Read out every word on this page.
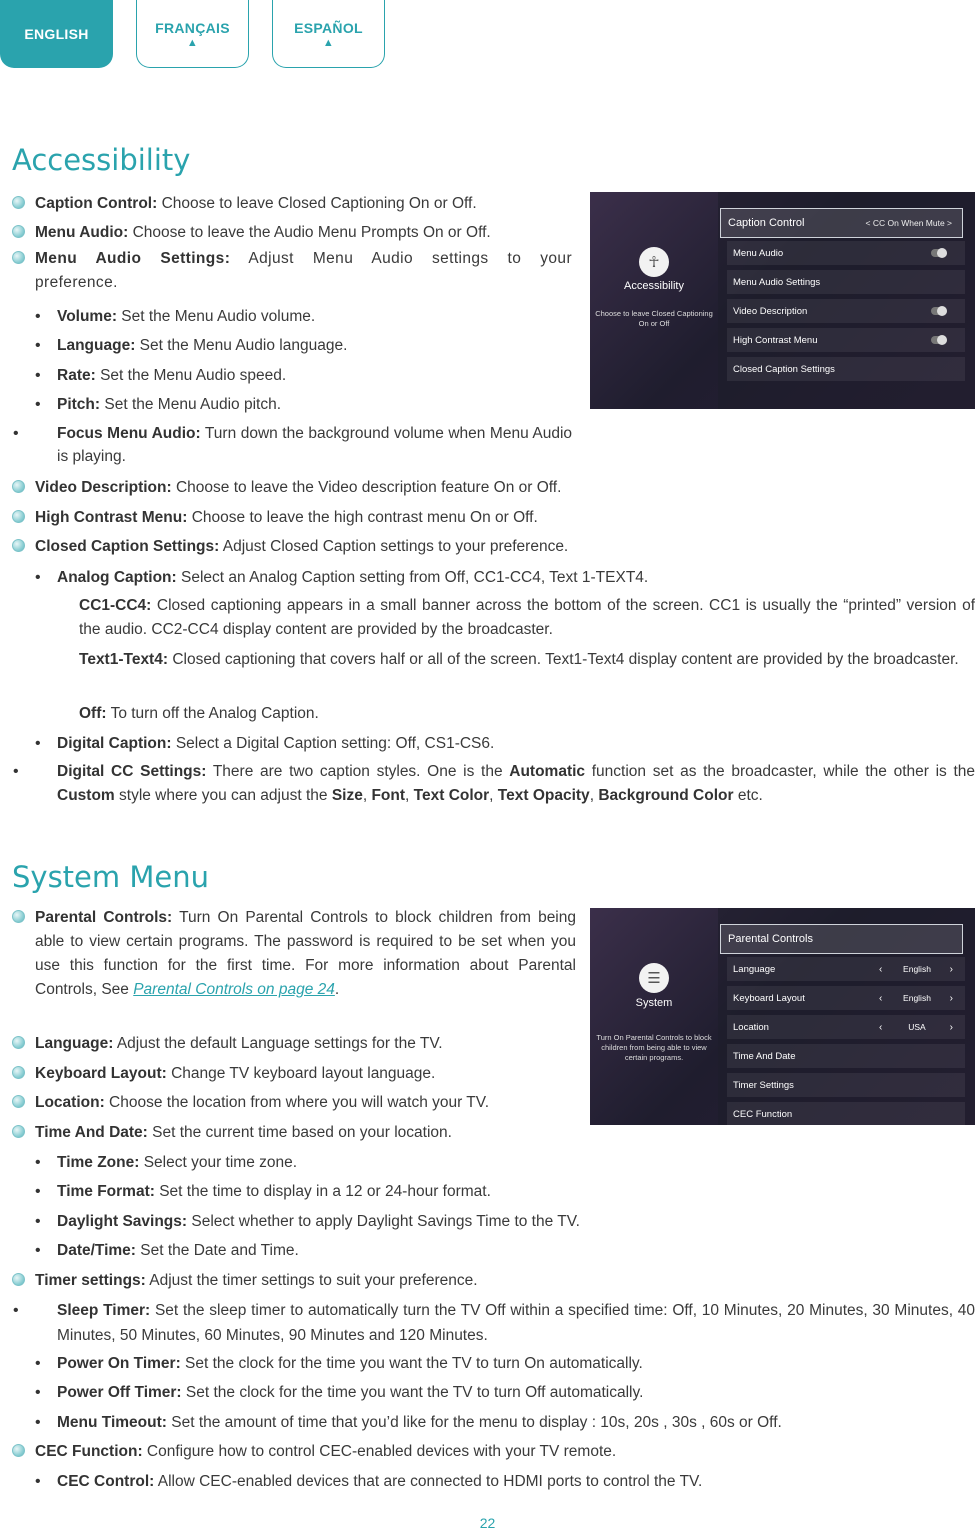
ENGLISH	FRANÇAIS
▲
ESPAÑOL
▲
Accessibility
Caption Control: Choose to leave Closed Captioning On or Off.
Menu Audio: Choose to leave the Audio Menu Prompts On or Off.
Menu Audio Settings: Adjust Menu Audio settings to your preference.
• Volume: Set the Menu Audio volume.
• Language: Set the Menu Audio language.
• Rate: Set the Menu Audio speed.
• Pitch: Set the Menu Audio pitch.
• Focus Menu Audio: Turn down the background volume when Menu Audio is playing.
Video Description: Choose to leave the Video description feature On or Off.
High Contrast Menu: Choose to leave the high contrast menu On or Off.
Closed Caption Settings: Adjust Closed Caption settings to your preference.
• Analog Caption: Select an Analog Caption setting from Off, CC1-CC4, Text 1-TEXT4.
CC1-CC4: Closed captioning appears in a small banner across the bottom of the screen. CC1 is usually the “printed” version of the audio. CC2-CC4 display content are provided by the broadcaster.
Text1-Text4: Closed captioning that covers half or all of the screen. Text1-Text4 display content are provided by the broadcaster.
Off: To turn off the Analog Caption.
• Digital Caption: Select a Digital Caption setting: Off, CS1-CS6.
• Digital CC Settings: There are two caption styles. One is the Automatic function set as the broadcaster, while the other is the Custom style where you can adjust the Size, Font, Text Color, Text Opacity, Background Color etc.
☥
Accessibility
Choose to leave Closed Captioning On or Off
Caption Control	< CC On When Mute >
Menu Audio
Menu Audio Settings
Video Description
High Contrast Menu
Closed Caption Settings
System Menu
Parental Controls: Turn On Parental Controls to block children from being able to view certain programs. The password is required to be set when you use this function for the first time. For more information about Parental Controls, See Parental Controls on page 24.
Language: Adjust the default Language settings for the TV.
Keyboard Layout: Change TV keyboard layout language.
Location: Choose the location from where you will watch your TV.
Time And Date: Set the current time based on your location.
• Time Zone: Select your time zone.
• Time Format: Set the time to display in a 12 or 24-hour format.
• Daylight Savings: Select whether to apply Daylight Savings Time to the TV.
• Date/Time: Set the Date and Time.
Timer settings: Adjust the timer settings to suit your preference.
• Sleep Timer: Set the sleep timer to automatically turn the TV Off within a specified time: Off, 10 Minutes, 20 Minutes, 30 Minutes, 40 Minutes, 50 Minutes, 60 Minutes, 90 Minutes and 120 Minutes.
• Power On Timer: Set the clock for the time you want the TV to turn On automatically.
• Power Off Timer: Set the clock for the time you want the TV to turn Off automatically.
• Menu Timeout: Set the amount of time that you’d like for the menu to display : 10s, 20s , 30s , 60s or Off.
CEC Function: Configure how to control CEC-enabled devices with your TV remote.
• CEC Control: Allow CEC-enabled devices that are connected to HDMI ports to control the TV.
☰
System
Turn On Parental Controls to block children from being able to view certain programs.
Parental Controls
Language	‹	English	›
Keyboard Layout	‹	English	›
Location	‹	USA	›
Time And Date
Timer Settings
CEC Function
22
